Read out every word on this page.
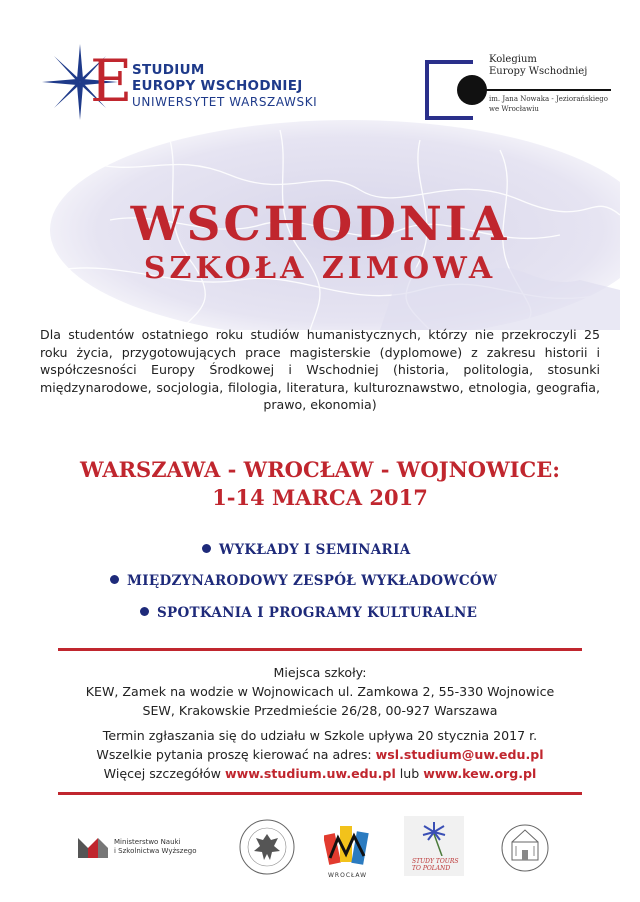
E STUDIUM
EUROPY WSCHODNIEJ
UNIWERSYTET WARSZAWSKI
Kolegium
Europy Wschodniej
im. Jana Nowaka - Jeziorańskiego
we Wrocławiu
WSCHODNIA
SZKOŁA ZIMOWA
Dla studentów ostatniego roku studiów humanistycznych, którzy nie przekroczyli 25 roku życia, przygotowujących prace magisterskie (dyplomowe) z zakresu historii i współczesności Europy Środkowej i Wschodniej (historia, politologia, stosunki międzynarodowe, socjologia, filologia, literatura, kulturoznawstwo, etnologia, geografia, prawo, ekonomia)
WARSZAWA - WROCŁAW - WOJNOWICE:
1-14 MARCA 2017
WYKŁADY I SEMINARIA
MIĘDZYNARODOWY ZESPÓŁ WYKŁADOWCÓW
SPOTKANIA I PROGRAMY KULTURALNE
Miejsca szkoły:
KEW, Zamek na wodzie w Wojnowicach ul. Zamkowa 2, 55-330 Wojnowice
SEW, Krakowskie Przedmieście 26/28, 00-927 Warszawa
Termin zgłaszania się do udziału w Szkole upływa 20 stycznia 2017 r.
Wszelkie pytania proszę kierować na adres: wsl.studium@uw.edu.pl
Więcej szczegółów www.studium.uw.edu.pl lub www.kew.org.pl
Ministerstwo Nauki
i Szkolnictwa Wyższego
WROCŁAW
STUDY TOURS
TO POLAND
